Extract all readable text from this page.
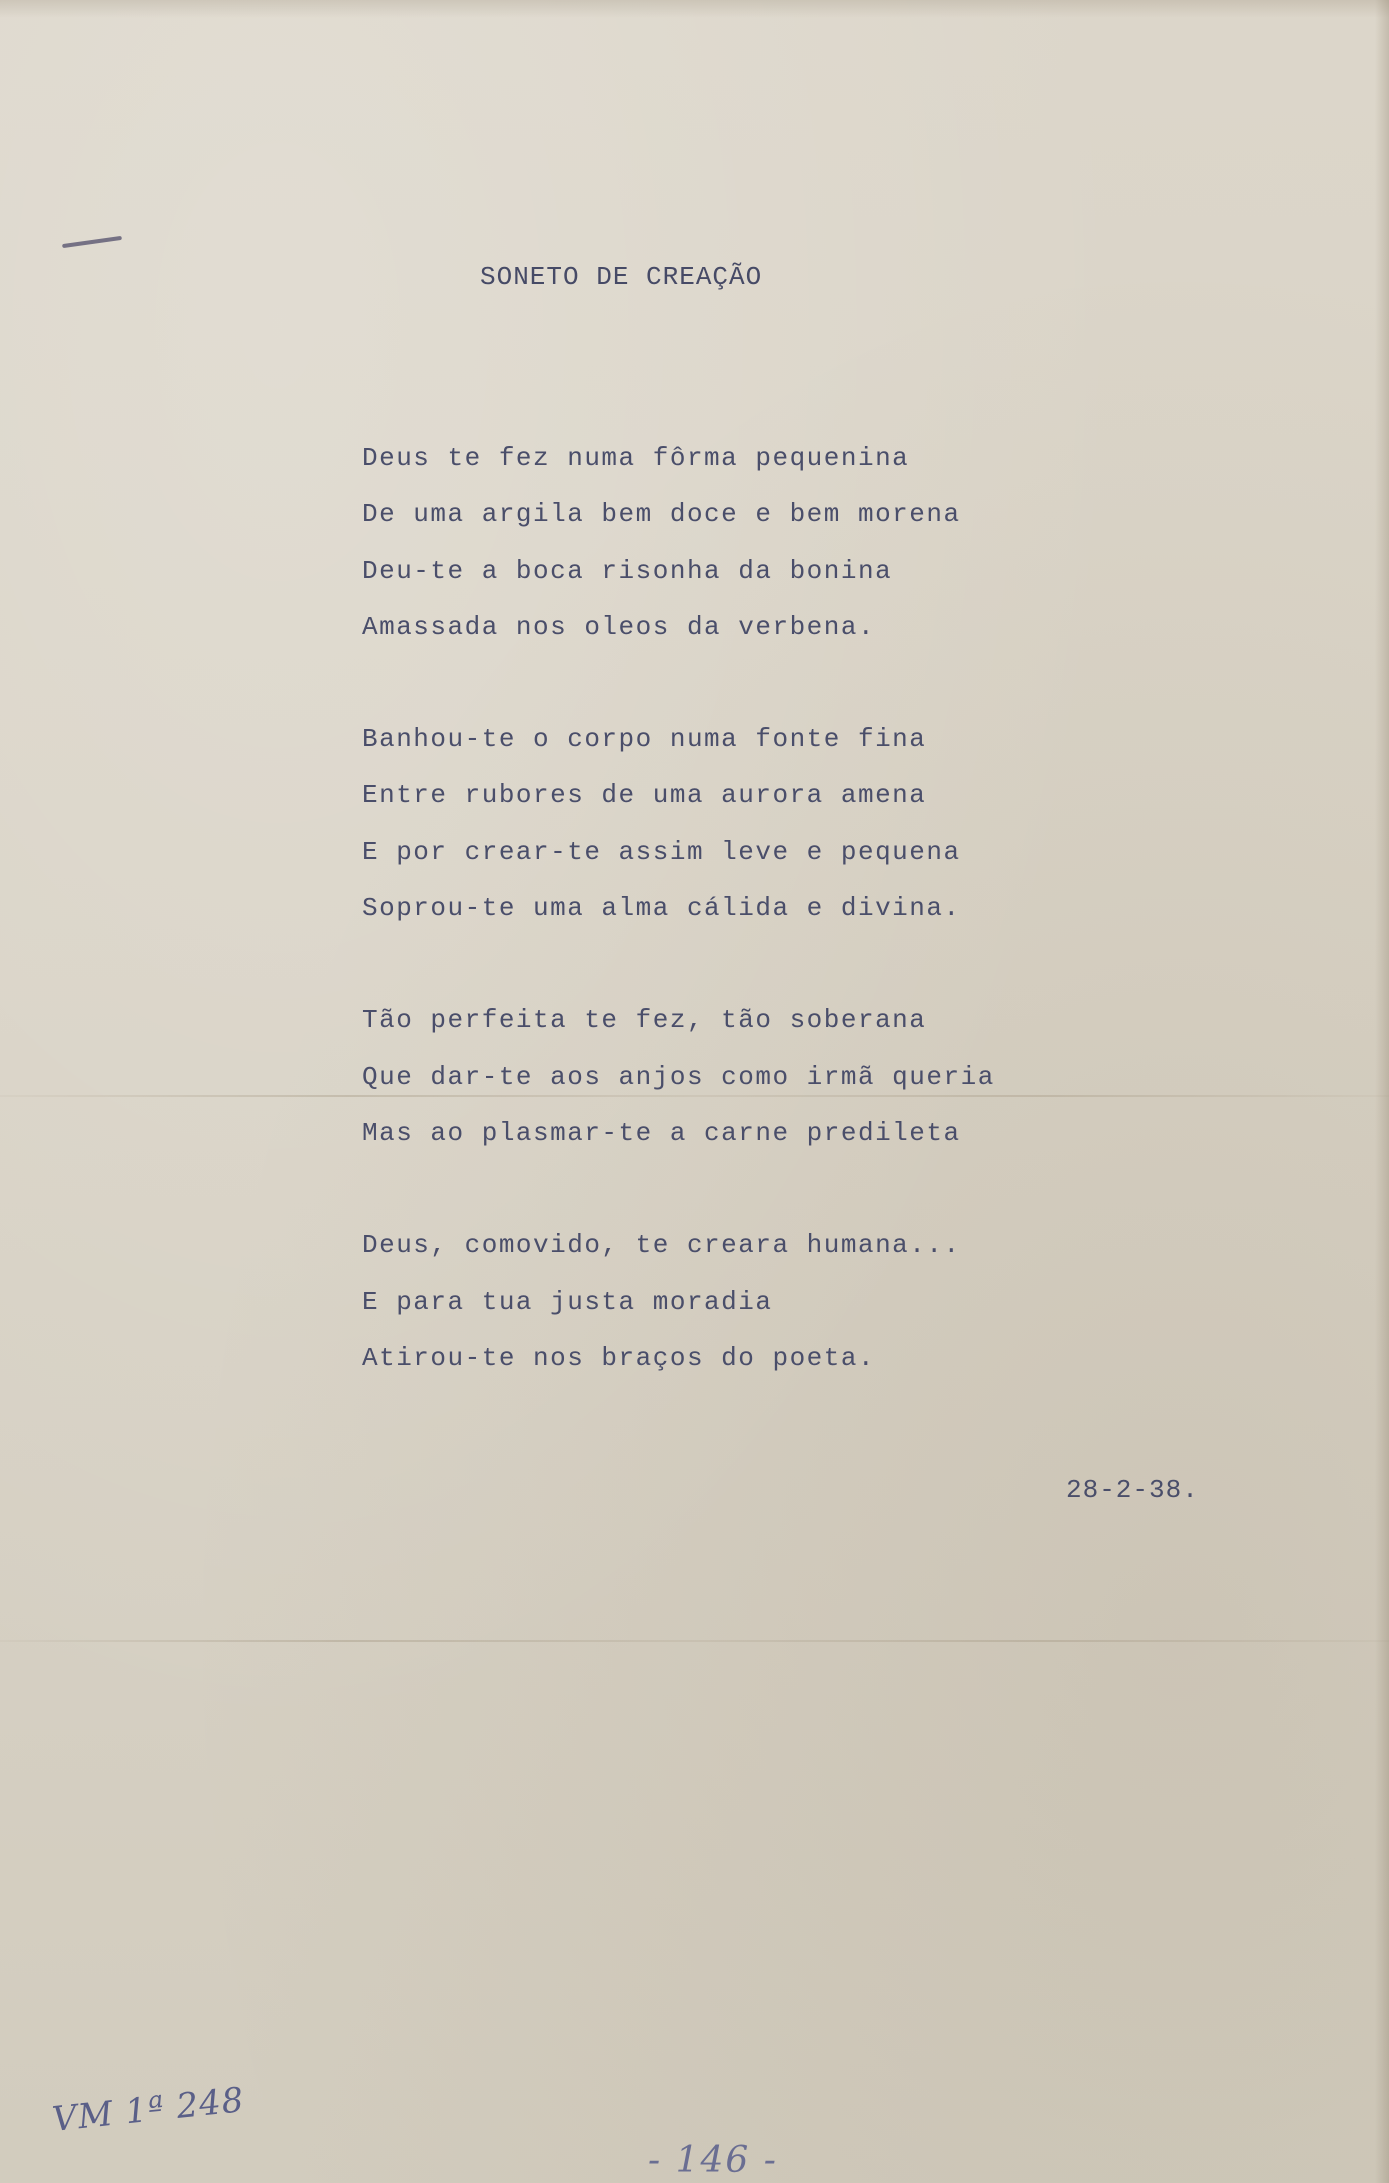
SONETO DE CREAÇÃO
Deus te fez numa fôrma pequenina
De uma argila bem doce e bem morena
Deu-te a boca risonha da bonina
Amassada nos oleos da verbena.
Banhou-te o corpo numa fonte fina
Entre rubores de uma aurora amena
E por crear-te assim leve e pequena
Soprou-te uma alma cálida e divina.
Tão perfeita te fez, tão soberana
Que dar-te aos anjos como irmã queria
Mas ao plasmar-te a carne predileta
Deus, comovido, te creara humana...
E para tua justa moradia
Atirou-te nos braços do poeta.
28-2-38.
VM 1ª 248
- 146 -
